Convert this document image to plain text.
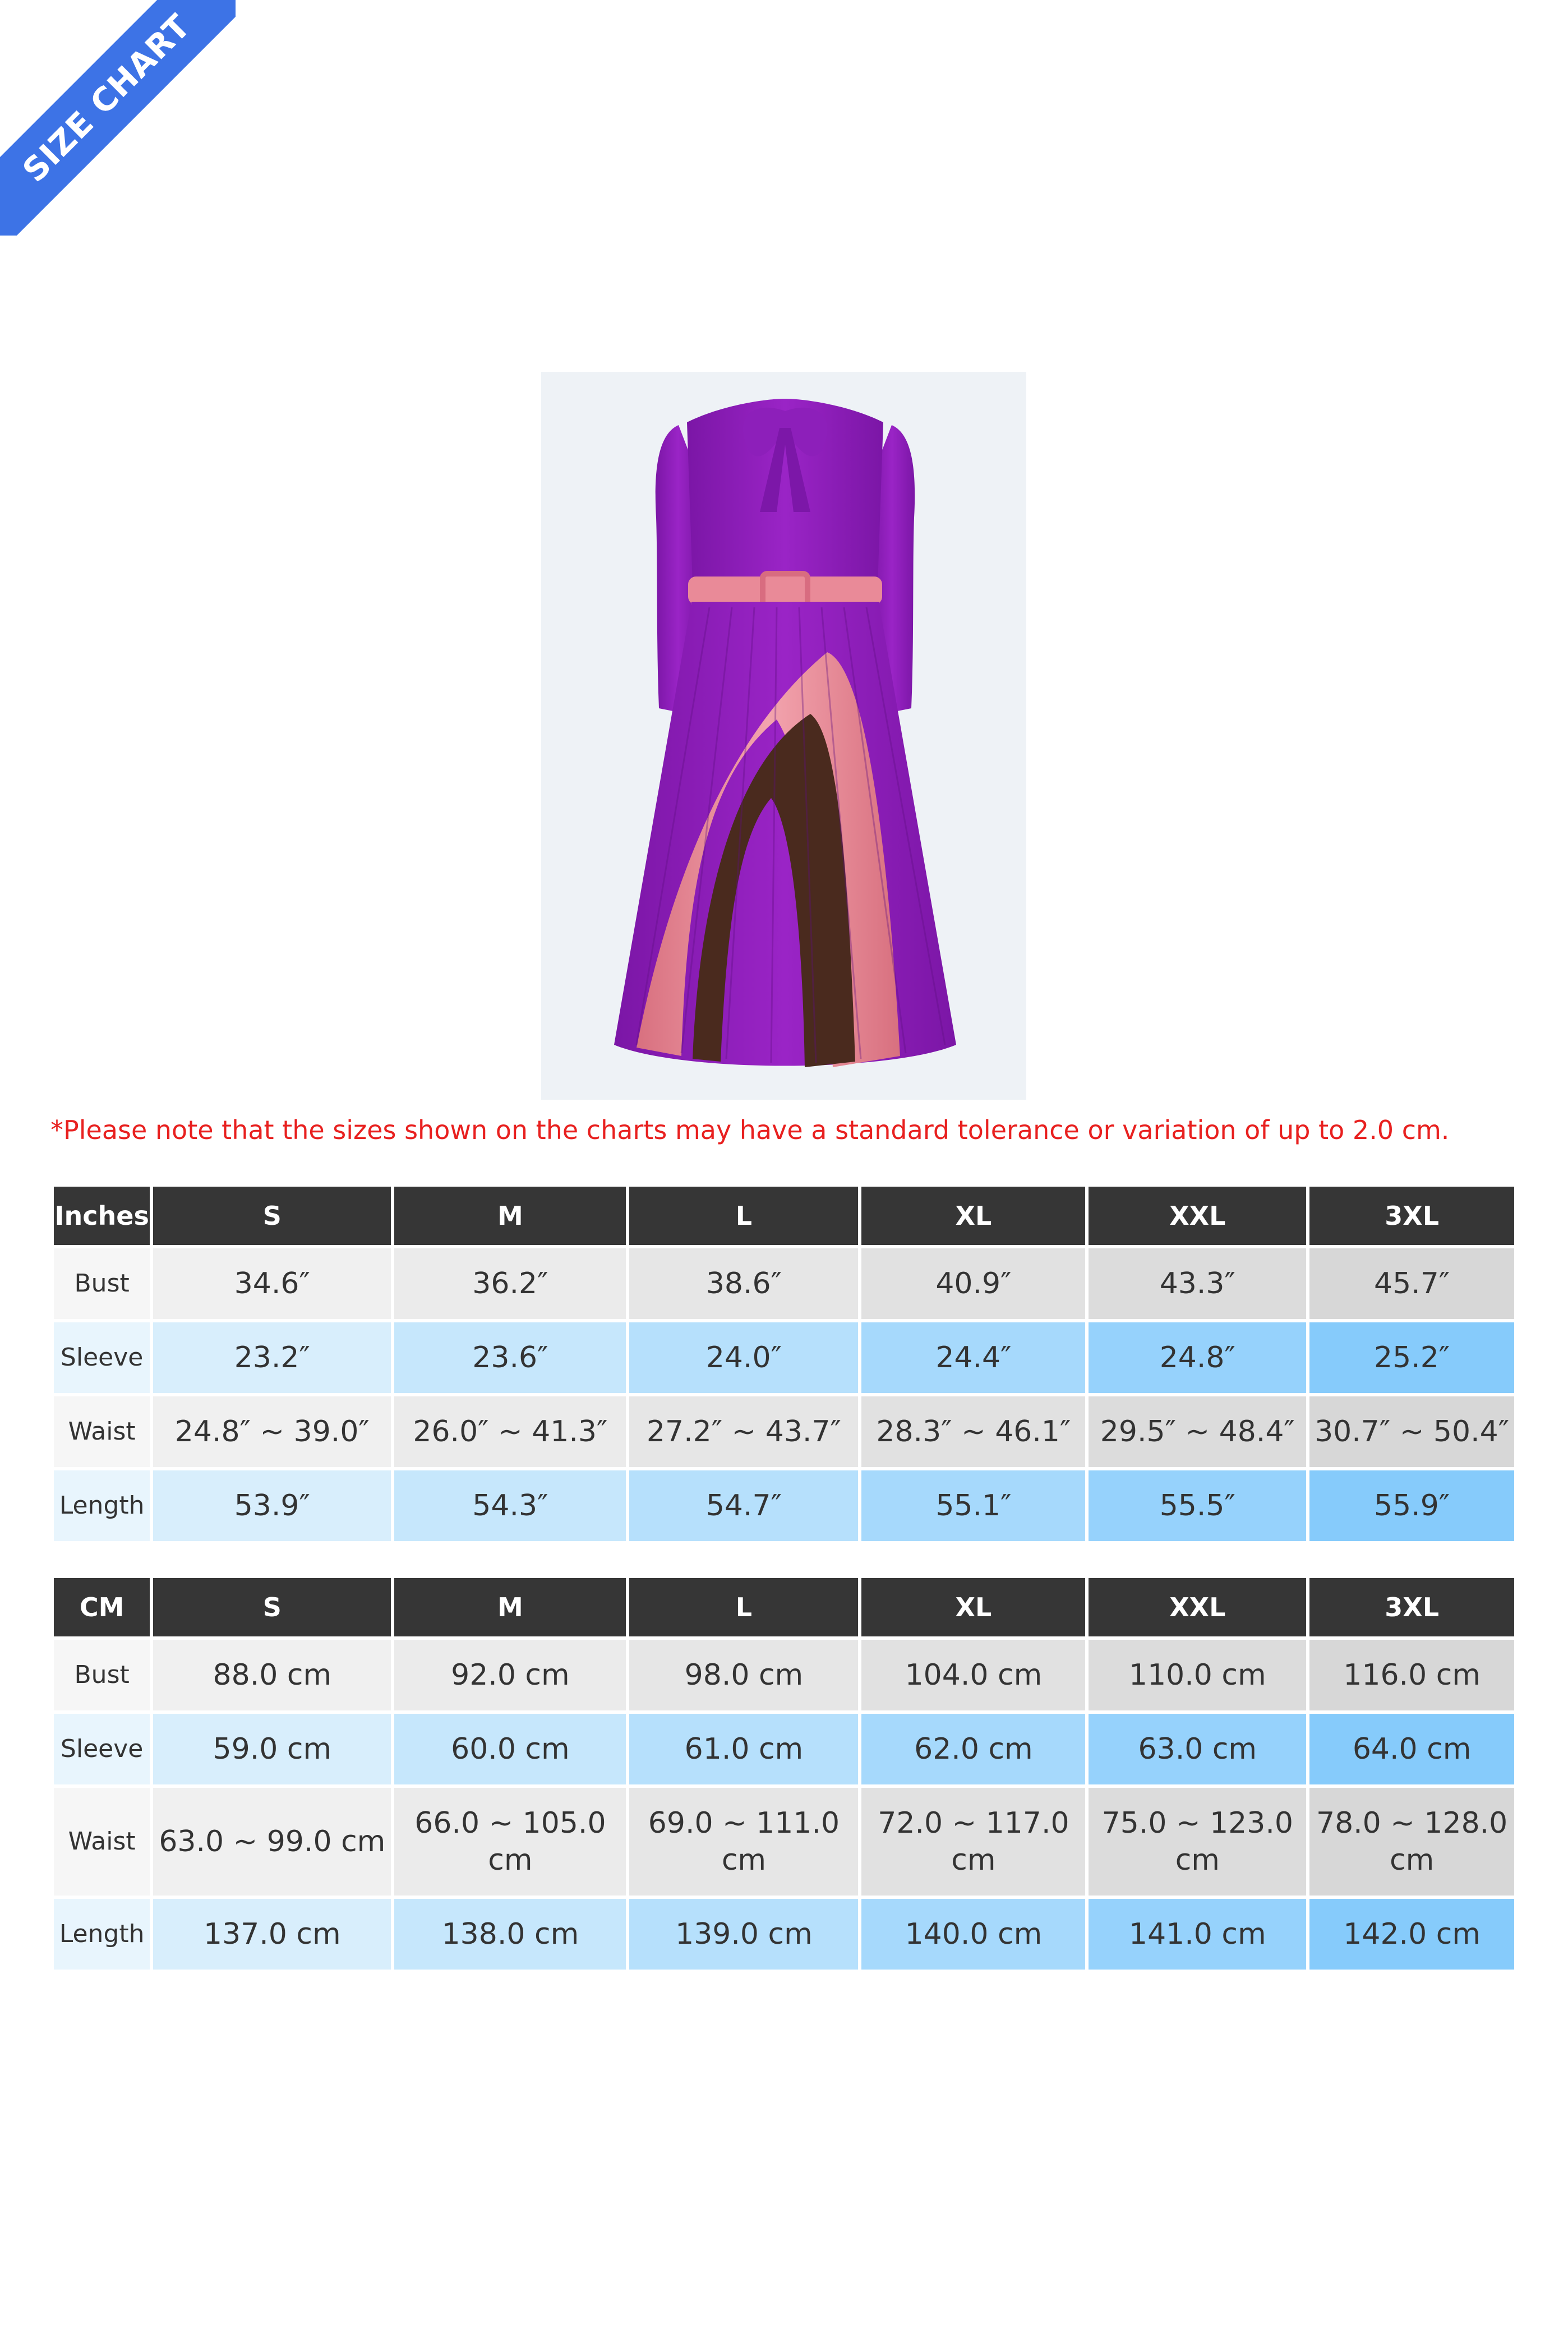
SIZE CHART
*Please note that the sizes shown on the charts may have a standard tolerance or variation of up to 2.0 cm.
Inches	S	M	L	XL	XXL	3XL
Bust	34.6″	36.2″	38.6″	40.9″	43.3″	45.7″
Sleeve	23.2″	23.6″	24.0″	24.4″	24.8″	25.2″
Waist	24.8″ ~ 39.0″	26.0″ ~ 41.3″	27.2″ ~ 43.7″	28.3″ ~ 46.1″	29.5″ ~ 48.4″	30.7″ ~ 50.4″
Length	53.9″	54.3″	54.7″	55.1″	55.5″	55.9″
CM	S	M	L	XL	XXL	3XL
Bust	88.0 cm	92.0 cm	98.0 cm	104.0 cm	110.0 cm	116.0 cm
Sleeve	59.0 cm	60.0 cm	61.0 cm	62.0 cm	63.0 cm	64.0 cm
Waist	63.0 ~ 99.0 cm	66.0 ~ 105.0 cm	69.0 ~ 111.0 cm	72.0 ~ 117.0 cm	75.0 ~ 123.0 cm	78.0 ~ 128.0 cm
Length	137.0 cm	138.0 cm	139.0 cm	140.0 cm	141.0 cm	142.0 cm
